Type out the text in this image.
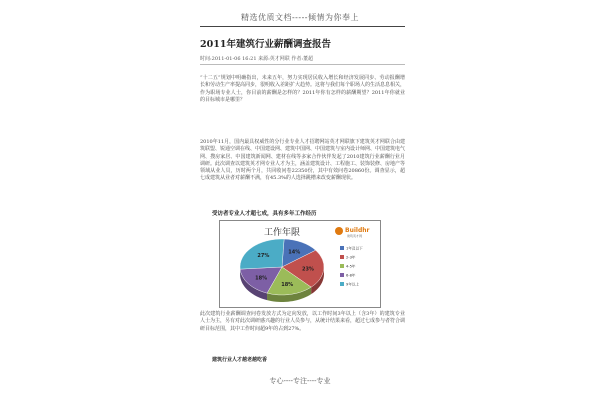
精选优质文档-----倾情为你奉上
2011年建筑行业薪酬调查报告
时间:2011-01-06 16:21 来源:英才网联 作者:董超

“十二五”规划中明确指出，未来五年，努力实现居民收入增长和经济发展同步、劳动报酬增长和劳动生产率提高同步，很明收入差距扩大趋势。这将与我们每个职场人的生活息息相关，作为职场专业人士，你目前的薪酬是怎样的？2011年你有怎样的薪酬期望？2011年你就业的目标城市是哪里？

2010年11月，国内最具权威性的分行业专业人才招聘网站英才网联旗下建筑英才网联合由建筑联盟、锐通空调在线、中国建设网、建筑中国网、中国建筑与室内设计师网、中国建筑电气网、搜房家居、中国建筑新闻网、建材在线等多家合作伙伴发起了2010建筑行业薪酬行业月调研。此次调查以建筑英才网专业人才为主，涵盖建筑设计、工程施工、装饰装修、房地产等领域从业人员，历时两个月，共回收问卷22350份，其中有效问卷20860份。调查显示，超七成建筑从业者对薪酬不满，有45.3%的人选择跳槽来改变薪酬现状。

受访者专业人才超七成，具有多年工作经历
工作年限	Buildhr
建筑英才网
14%
23%
18%
18%
27%
1年及以下
2-3年
4-5年
6-8年
9年以上

此次建筑行业薪酬调查问卷发放方式为定向发放，以工作时间3年以上（含3年）的建筑专业人士为主，另有对此次调研感兴趣的行业人员参与，从统计结果来看，超过七成参与者符合调研目标范围，其中工作时间超9年的占到27%。

建筑行业人才越老越吃香
专心----专注----专业
